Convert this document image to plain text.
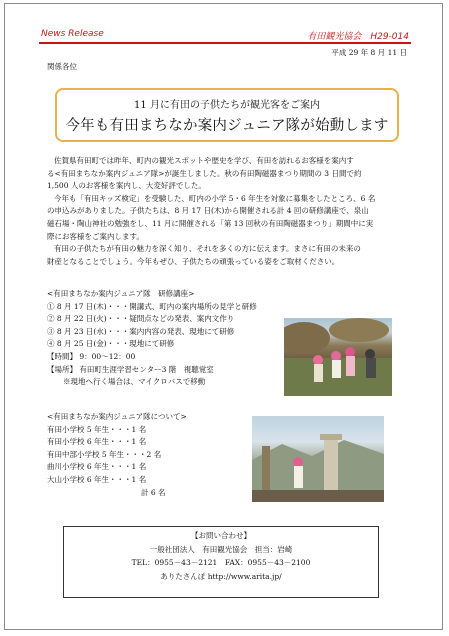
News Release	有田観光協会　H29-014
平成 29 年 8 月 11 日
関係各位
11 月に有田の子供たちが観光客をご案内
今年も有田まちなか案内ジュニア隊が始動します

佐賀県有田町では昨年、町内の観光スポットや歴史を学び、有田を訪れるお客様を案内す

る<有田まちなか案内ジュニア隊>が誕生しました。秋の有田陶磁器まつり期間の 3 日間で約

1,500 人のお客様を案内し、大変好評でした。

今年も「有田キッズ検定」を受験した、町内の小学 5・6 年生を対象に募集をしたところ、6 名

の申込みがありました。子供たちは、8 月 17 日(木)から開催される計 4 回の研修講座で、泉山

磁石場・陶山神社の勉強をし、11 月に開催される「第 13 回秋の有田陶磁器まつり」期間中に実

際にお客様をご案内します。

有田の子供たちが有田の魅力を深く知り、それを多くの方に伝えます。まさに有田の未来の

財産となることでしょう。今年もぜひ、子供たちの頑張っている姿をご取材ください。

<有田まちなか案内ジュニア隊　研修講座>
① 8 月 17 日(木)・・・開講式、町内の案内場所の見学と研修
② 8 月 22 日(火)・・・疑問点などの発表、案内文作り
③ 8 月 23 日(水)・・・案内内容の発表、現地にて研修
④ 8 月 25 日(金)・・・現地にて研修
【時間】 9：00～12：00
【場所】 有田町生涯学習センター3 階　視聴覚室
※現地へ行く場合は、マイクロバスで移動
<有田まちなか案内ジュニア隊について>
有田小学校 5 年生・・・1 名
有田小学校 6 年生・・・1 名
有田中部小学校 5 年生・・・2 名
曲川小学校 6 年生・・・1 名
大山小学校 6 年生・・・1 名
計 6 名
【お問い合わせ】
一般社団法人　有田観光協会　担当：岩崎
TEL：0955－43－2121　FAX：0955－43－2100
ありたさんぽ http://www.arita.jp/
